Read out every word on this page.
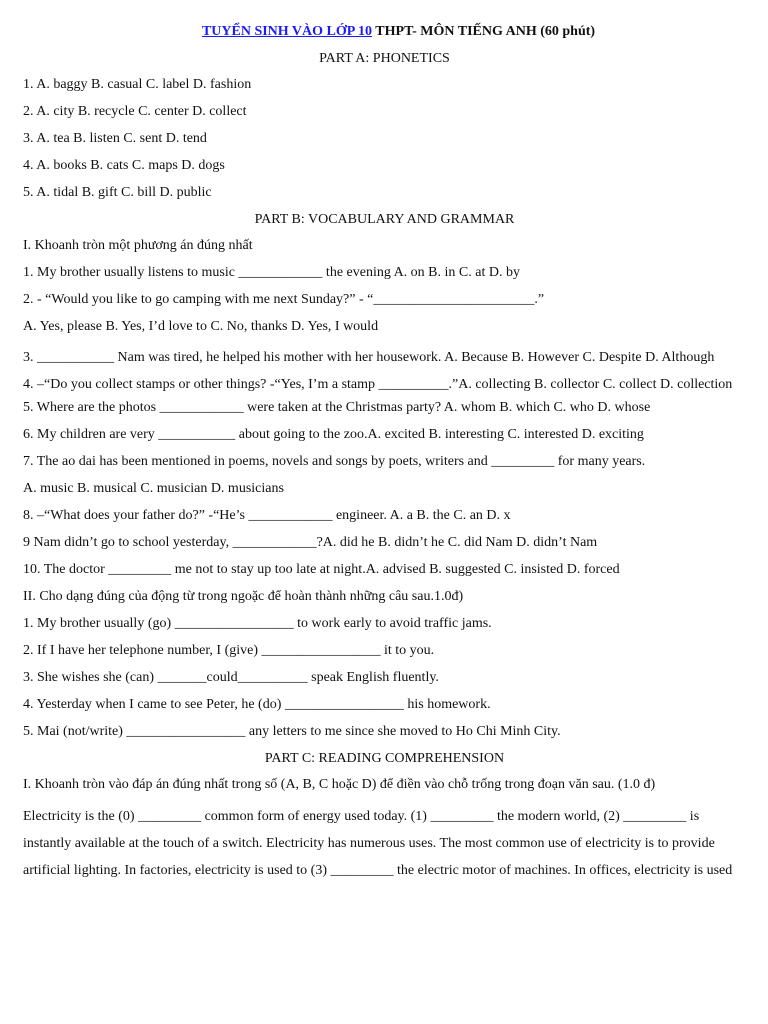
TUYỂN SINH VÀO LỚP 10 THPT- MÔN TIẾNG ANH (60 phút)
PART A: PHONETICS
1. A. baggy B. casual C. label D. fashion
2. A. city B. recycle C. center D. collect
3. A. tea B. listen C. sent D. tend
4. A. books B. cats C. maps D. dogs
5. A. tidal B. gift C. bill D. public
PART B: VOCABULARY AND GRAMMAR
I. Khoanh tròn một phương án đúng nhất
1. My brother usually listens to music ____________ the evening A. on B. in C. at D. by
2. - “Would you like to go camping with me next Sunday?” - “_______________________.”
A. Yes, please B. Yes, I’d love to C. No, thanks D. Yes, I would
3. ___________ Nam was tired, he helped his mother with her housework. A. Because B. However C. Despite D. Although
4. –“Do you collect stamps or other things? -“Yes, I’m a stamp __________.”A. collecting B. collector C. collect D. collection
5. Where are the photos ____________ were taken at the Christmas party? A. whom B. which C. who D. whose
6. My children are very ___________ about going to the zoo.A. excited B. interesting C. interested D. exciting
7. The ao dai has been mentioned in poems, novels and songs by poets, writers and _________ for many years.
A. music B. musical C. musician D. musicians
8. –“What does your father do?” -“He’s ____________ engineer. A. a B. the C. an D. x
9 Nam didn’t go to school yesterday, ____________?A. did he B. didn’t he C. did Nam D. didn’t Nam
10. The doctor _________ me not to stay up too late at night.A. advised B. suggested C. insisted D. forced
II. Cho dạng đúng của động từ trong ngoặc để hoàn thành những câu sau.1.0đ)
1. My brother usually (go) _________________ to work early to avoid traffic jams.
2. If I have her telephone number, I (give) _________________ it to you.
3. She wishes she (can) _______could__________ speak English fluently.
4. Yesterday when I came to see Peter, he (do) _________________ his homework.
5. Mai (not/write) _________________ any letters to me since she moved to Ho Chi Minh City.
PART C: READING COMPREHENSION
I. Khoanh tròn vào đáp án đúng nhất trong số (A, B, C hoặc D) để điền vào chỗ trống trong đoạn văn sau. (1.0 đ)
Electricity is the (0) _________ common form of energy used today. (1) _________ the modern world, (2) _________ is instantly available at the touch of a switch. Electricity has numerous uses. The most common use of electricity is to provide
artificial lighting. In factories, electricity is used to (3) _________ the electric motor of machines. In offices, electricity is used
